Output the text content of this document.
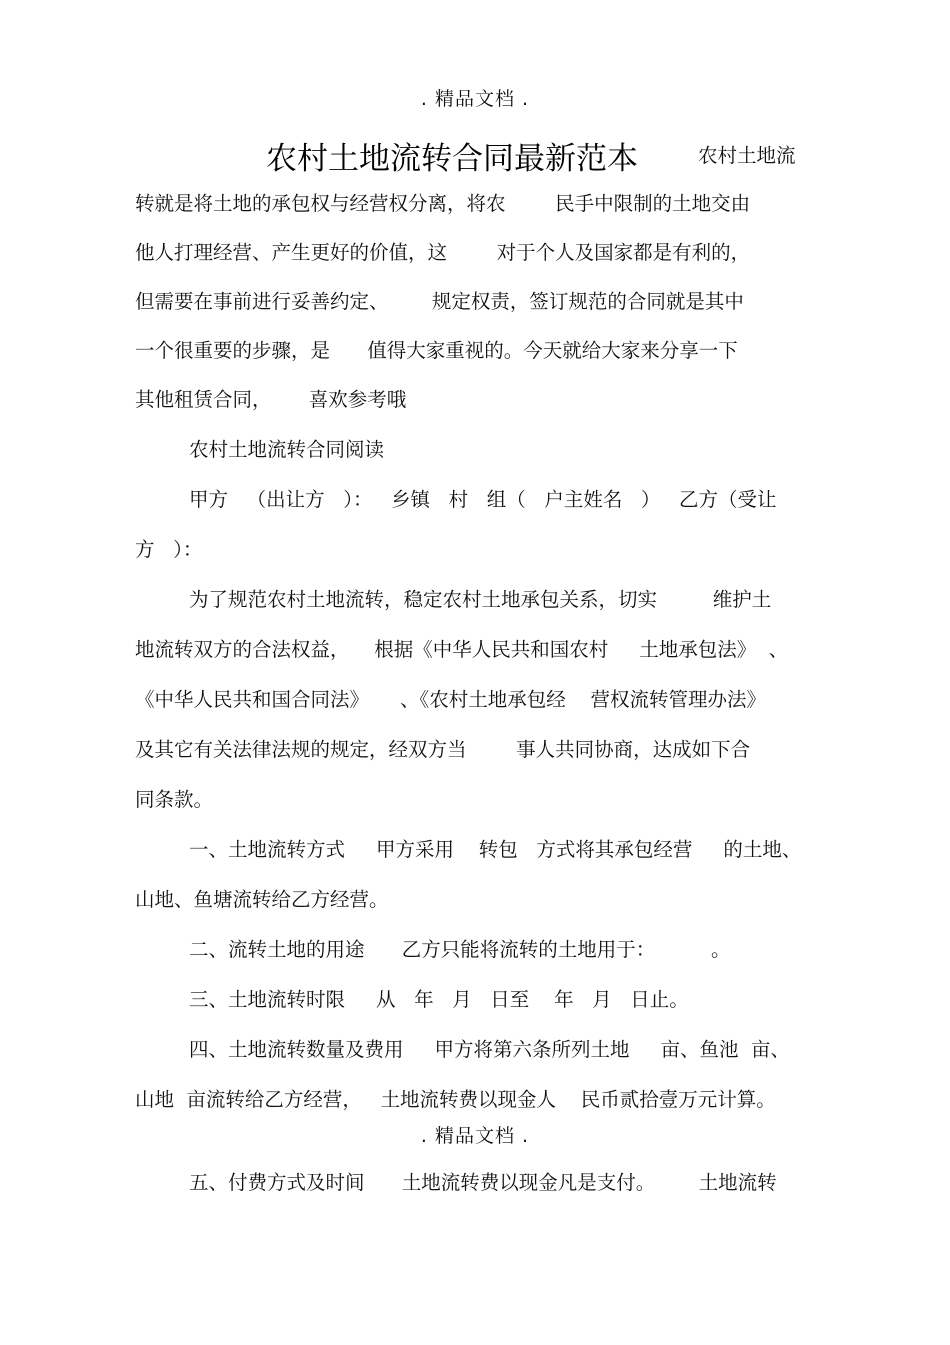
. 精品文档 .
农村土地流转合同最新范本	农村土地流
转就是将土地的承包权与经营权分离，将农        民手中限制的土地交由
他人打理经营、产生更好的价值，这        对于个人及国家都是有利的，
但需要在事前进行妥善约定、       规定权责，签订规范的合同就是其中
一个很重要的步骤，是      值得大家重视的。今天就给大家来分享一下
其他租赁合同，      喜欢参考哦
农村土地流转合同阅读
甲方   （出让方   ）：   乡镇   村   组（   户主姓名   ）   乙方（受让
方   ）：
为了规范农村土地流转，稳定农村土地承包关系，切实         维护土
地流转双方的合法权益，    根据《中华人民共和国农村     土地承包法》  、
《中华人民共和国合同法》     、《农村土地承包经    营权流转管理办法》
及其它有关法律法规的规定，经双方当        事人共同协商，达成如下合
同条款。
一、土地流转方式     甲方采用    转包   方式将其承包经营     的土地、
山地、鱼塘流转给乙方经营。
二、流转土地的用途      乙方只能将流转的土地用于：         。
三、土地流转时限     从   年   月   日至    年   月   日止。
四、土地流转数量及费用     甲方将第六条所列土地     亩、鱼池  亩、
山地  亩流转给乙方经营，   土地流转费以现金人    民币贰拾壹万元计算。
. 精品文档 .
五、付费方式及时间      土地流转费以现金凡是支付。       土地流转
